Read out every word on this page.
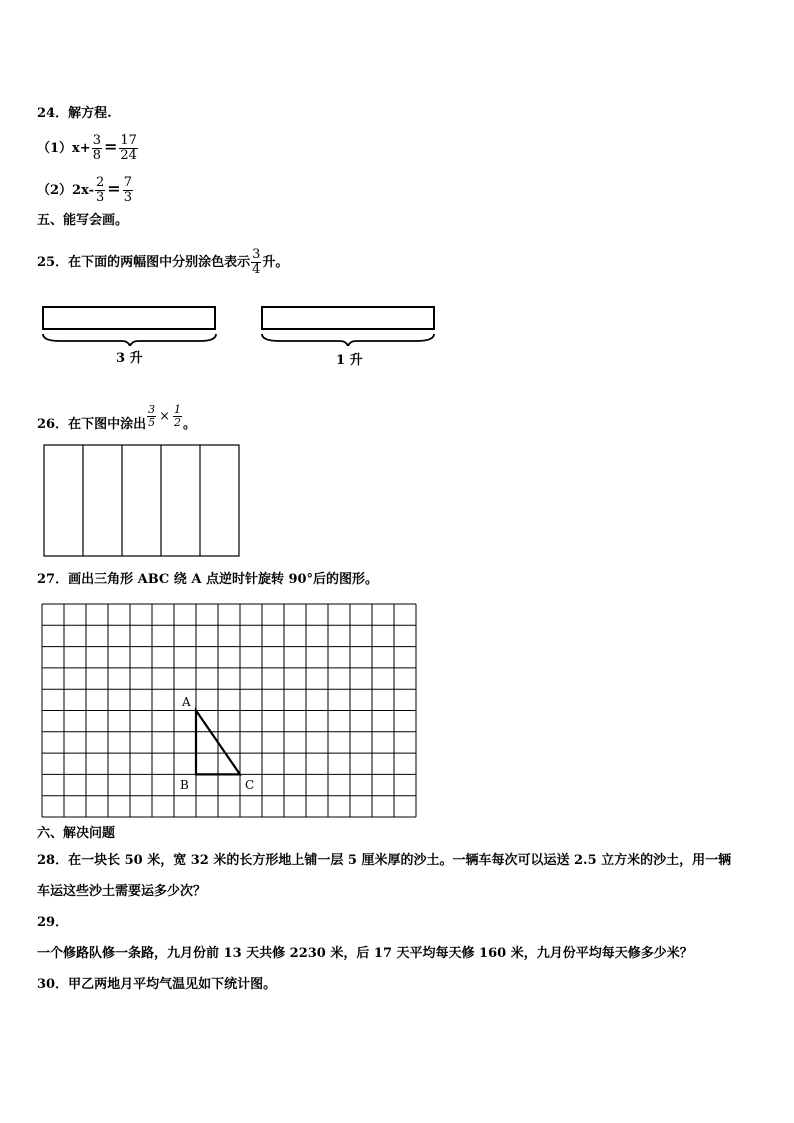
24．解方程.
$(1)x+ \frac{3}{8} = \frac{17}{24}$
$(2)2x- \frac{2}{3} = \frac{7}{3}$
五、能写会画。
25．在下面的两幅图中分别涂色表示 $\frac{3}{4}$ 升。
3 升	1 升
26．在下图中涂出 $\frac{3}{5} \times \frac{1}{2}$ 。
27．画出三角形 ABC 绕 A 点逆时针旋转 90°后的图形。
A
B	C
六、解决问题
28．在一块长 50 米，宽 32 米的长方形地上铺一层 5 厘米厚的沙土。一辆车每次可以运送 2.5 立方米的沙土，用一辆
车运这些沙土需要运多少次？
29．
一个修路队修一条路，九月份前 13 天共修 2230 米，后 17 天平均每天修 160 米，九月份平均每天修多少米？
30．甲乙两地月平均气温见如下统计图。
